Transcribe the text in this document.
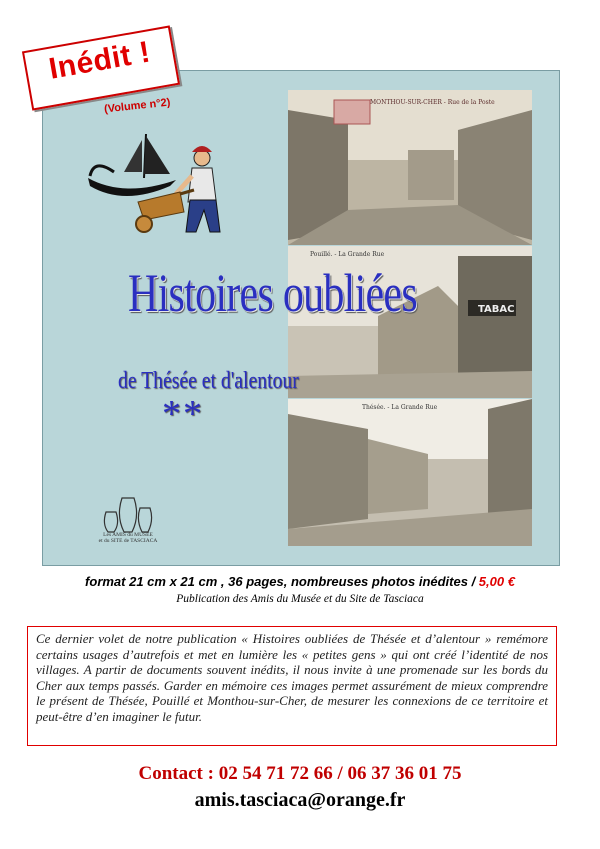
MONTHOU-SUR-CHER - Rue de la Poste
TABAC
Pouillé. - La Grande Rue
Thésée. - La Grande Rue
Inédit !
(Volume n°2)
Histoires oubliées
de Thésée et d'alentour
**
Les AMIS du MUSÉE
et du SITE de TASCIACA
format 21 cm x 21 cm , 36 pages, nombreuses photos inédites / 5,00 €
Publication des Amis du Musée et du Site de Tasciaca

Ce dernier volet de notre publication « Histoires oubliées de Thésée et d’alentour » remémore certains usages d’autrefois et met en lumière les « petites gens » qui ont créé l’identité de nos villages. A partir de documents souvent inédits, il nous invite à une promenade sur les bords du Cher aux temps passés. Garder en mémoire ces images permet assurément de mieux comprendre le présent de Thésée, Pouillé et Monthou-sur-Cher, de mesurer les connexions de ce territoire et peut-être d’en imaginer le futur.

Contact : 02 54 71 72 66 / 06 37 36 01 75
amis.tasciaca@orange.fr
